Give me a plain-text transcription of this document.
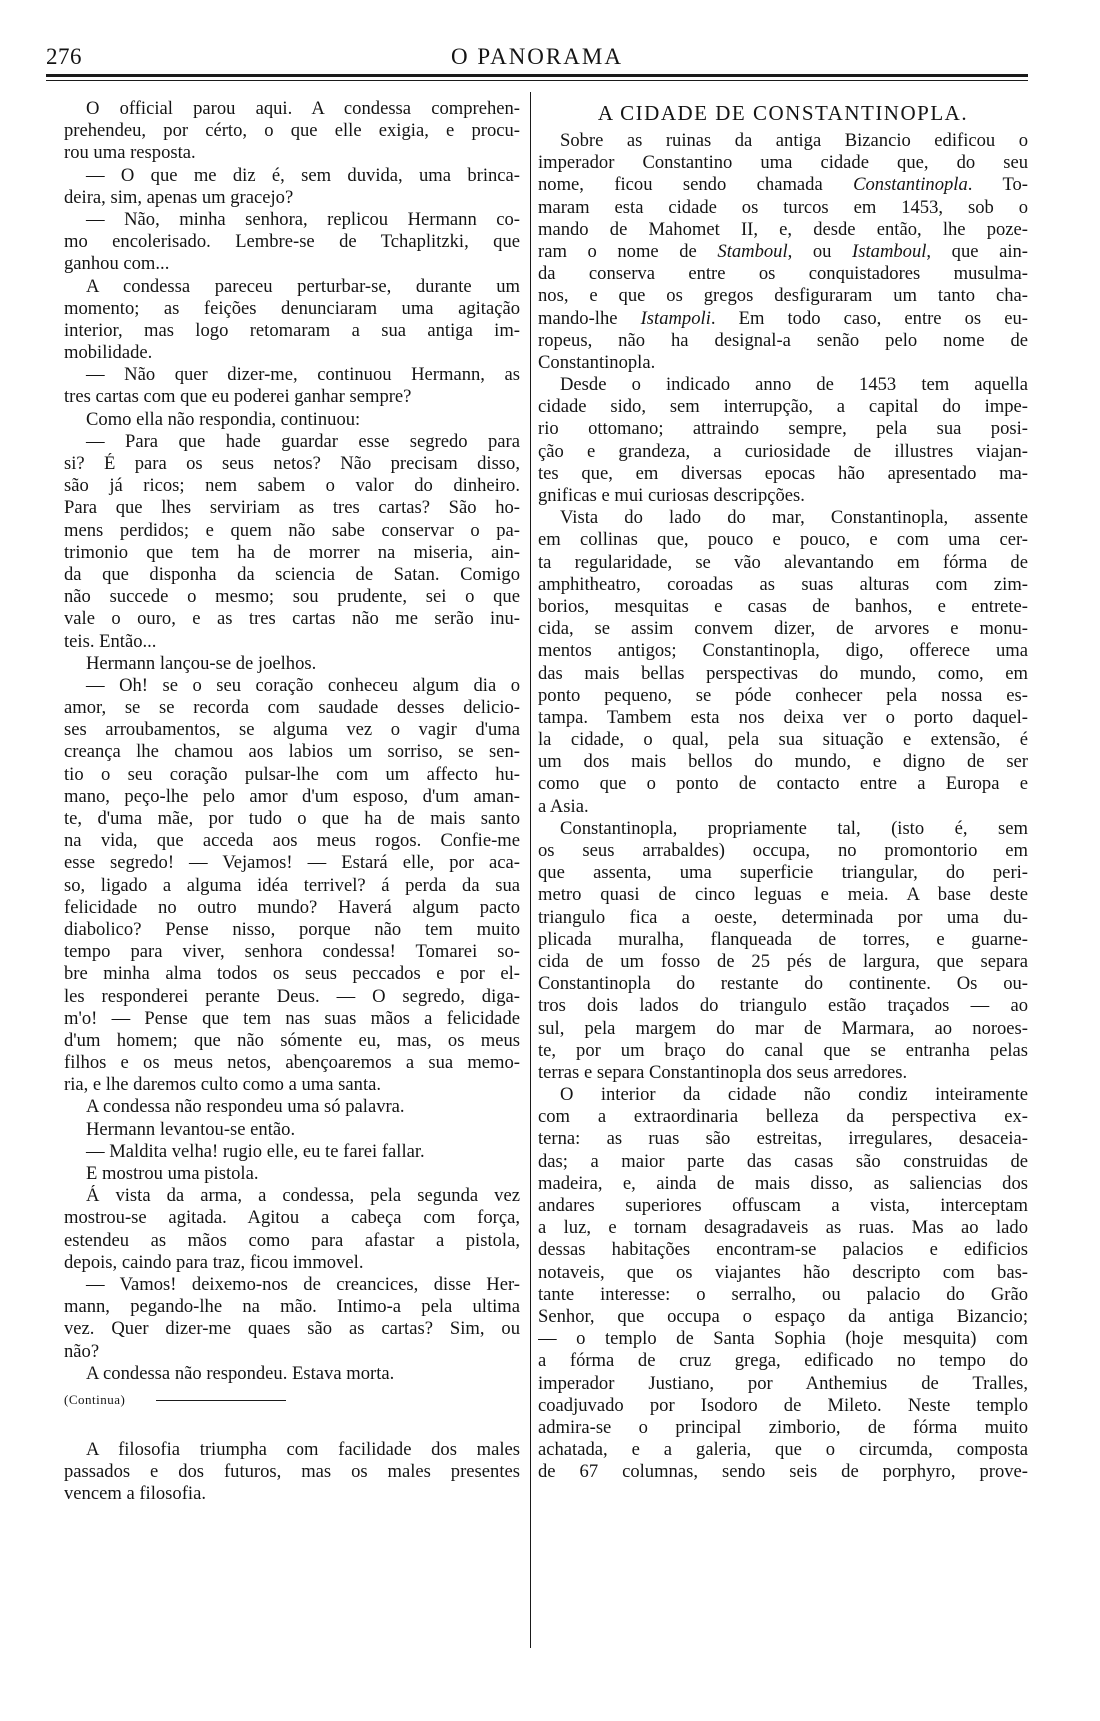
276	O PANORAMA
O official parou aqui. A condessa comprehen-
prehendeu, por cérto, o que elle exigia, e procu-
rou uma resposta.
— O que me diz é, sem duvida, uma brinca-
deira, sim, apenas um gracejo?
— Não, minha senhora, replicou Hermann co-
mo encolerisado. Lembre-se de Tchaplitzki, que
ganhou com...
A condessa pareceu perturbar-se, durante um
momento; as feições denunciaram uma agitação
interior, mas logo retomaram a sua antiga im-
mobilidade.
— Não quer dizer-me, continuou Hermann, as
tres cartas com que eu poderei ganhar sempre?
Como ella não respondia, continuou:
— Para que hade guardar esse segredo para
si? É para os seus netos? Não precisam disso,
são já ricos; nem sabem o valor do dinheiro.
Para que lhes serviriam as tres cartas? São ho-
mens perdidos; e quem não sabe conservar o pa-
trimonio que tem ha de morrer na miseria, ain-
da que disponha da sciencia de Satan. Comigo
não succede o mesmo; sou prudente, sei o que
vale o ouro, e as tres cartas não me serão inu-
teis. Então...
Hermann lançou-se de joelhos.
— Oh! se o seu coração conheceu algum dia o
amor, se se recorda com saudade desses delicio-
ses arroubamentos, se alguma vez o vagir d'uma
creança lhe chamou aos labios um sorriso, se sen-
tio o seu coração pulsar-lhe com um affecto hu-
mano, peço-lhe pelo amor d'um esposo, d'um aman-
te, d'uma mãe, por tudo o que ha de mais santo
na vida, que acceda aos meus rogos. Confie-me
esse segredo! — Vejamos! — Estará elle, por aca-
so, ligado a alguma idéa terrivel? á perda da sua
felicidade no outro mundo? Haverá algum pacto
diabolico? Pense nisso, porque não tem muito
tempo para viver, senhora condessa! Tomarei so-
bre minha alma todos os seus peccados e por el-
les responderei perante Deus. — O segredo, diga-
m'o! — Pense que tem nas suas mãos a felicidade
d'um homem; que não sómente eu, mas, os meus
filhos e os meus netos, abençoaremos a sua memo-
ria, e lhe daremos culto como a uma santa.
A condessa não respondeu uma só palavra.
Hermann levantou-se então.
— Maldita velha! rugio elle, eu te farei fallar.
E mostrou uma pistola.
Á vista da arma, a condessa, pela segunda vez
mostrou-se agitada. Agitou a cabeça com força,
estendeu as mãos como para afastar a pistola,
depois, caindo para traz, ficou immovel.
— Vamos! deixemo-nos de creancices, disse Her-
mann, pegando-lhe na mão. Intimo-a pela ultima
vez. Quer dizer-me quaes são as cartas? Sim, ou
não?
A condessa não respondeu. Estava morta.
(Continua)
A filosofia triumpha com facilidade dos males
passados e dos futuros, mas os males presentes
vencem a filosofia.
A CIDADE DE CONSTANTINOPLA.
Sobre as ruinas da antiga Bizancio edificou o
imperador Constantino uma cidade que, do seu
nome, ficou sendo chamada Constantinopla. To-
maram esta cidade os turcos em 1453, sob o
mando de Mahomet II, e, desde então, lhe poze-
ram o nome de Stamboul, ou Istamboul, que ain-
da conserva entre os conquistadores musulma-
nos, e que os gregos desfiguraram um tanto cha-
mando-lhe Istampoli. Em todo caso, entre os eu-
ropeus, não ha designal-a senão pelo nome de
Constantinopla.
Desde o indicado anno de 1453 tem aquella
cidade sido, sem interrupção, a capital do impe-
rio ottomano; attraindo sempre, pela sua posi-
ção e grandeza, a curiosidade de illustres viajan-
tes que, em diversas epocas hão apresentado ma-
gnificas e mui curiosas descripções.
Vista do lado do mar, Constantinopla, assente
em collinas que, pouco e pouco, e com uma cer-
ta regularidade, se vão alevantando em fórma de
amphitheatro, coroadas as suas alturas com zim-
borios, mesquitas e casas de banhos, e entrete-
cida, se assim convem dizer, de arvores e monu-
mentos antigos; Constantinopla, digo, offerece uma
das mais bellas perspectivas do mundo, como, em
ponto pequeno, se póde conhecer pela nossa es-
tampa. Tambem esta nos deixa ver o porto daquel-
la cidade, o qual, pela sua situação e extensão, é
um dos mais bellos do mundo, e digno de ser
como que o ponto de contacto entre a Europa e
a Asia.
Constantinopla, propriamente tal, (isto é, sem
os seus arrabaldes) occupa, no promontorio em
que assenta, uma superficie triangular, do peri-
metro quasi de cinco leguas e meia. A base deste
triangulo fica a oeste, determinada por uma du-
plicada muralha, flanqueada de torres, e guarne-
cida de um fosso de 25 pés de largura, que separa
Constantinopla do restante do continente. Os ou-
tros dois lados do triangulo estão traçados — ao
sul, pela margem do mar de Marmara, ao noroes-
te, por um braço do canal que se entranha pelas
terras e separa Constantinopla dos seus arredores.
O interior da cidade não condiz inteiramente
com a extraordinaria belleza da perspectiva ex-
terna: as ruas são estreitas, irregulares, desaceia-
das; a maior parte das casas são construidas de
madeira, e, ainda de mais disso, as saliencias dos
andares superiores offuscam a vista, interceptam
a luz, e tornam desagradaveis as ruas. Mas ao lado
dessas habitações encontram-se palacios e edificios
notaveis, que os viajantes hão descripto com bas-
tante interesse: o serralho, ou palacio do Grão
Senhor, que occupa o espaço da antiga Bizancio;
— o templo de Santa Sophia (hoje mesquita) com
a fórma de cruz grega, edificado no tempo do
imperador Justiano, por Anthemius de Tralles,
coadjuvado por Isodoro de Mileto. Neste templo
admira-se o principal zimborio, de fórma muito
achatada, e a galeria, que o circumda, composta
de 67 columnas, sendo seis de porphyro, prove-
